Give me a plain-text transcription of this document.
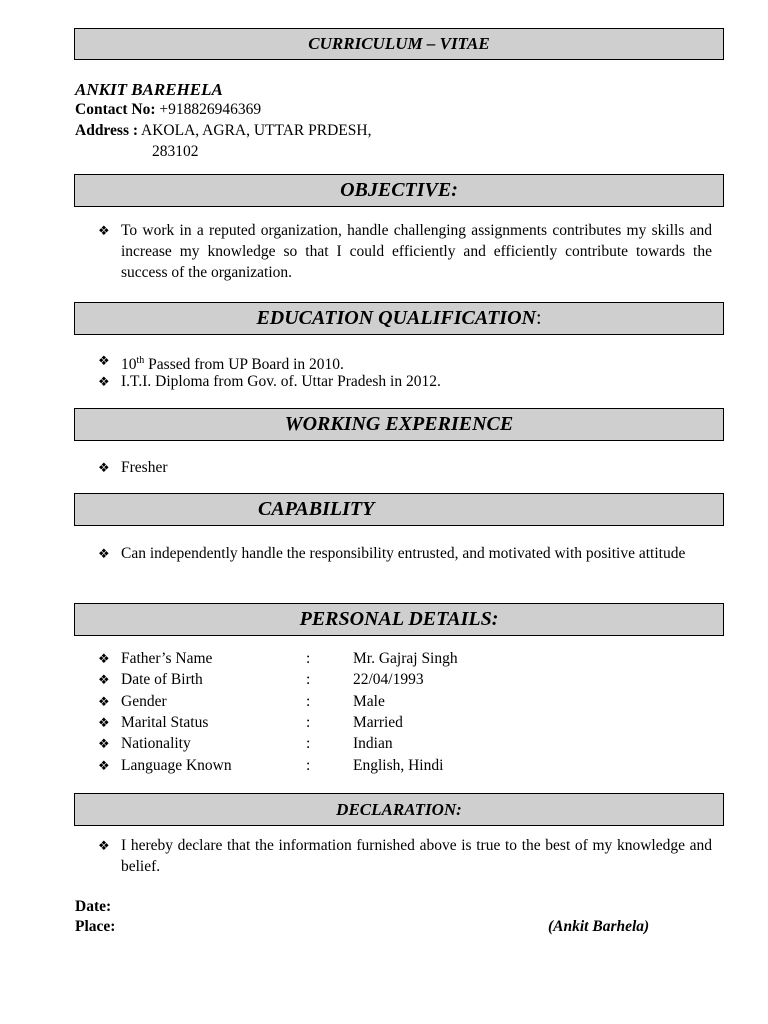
CURRICULUM – VITAE
ANKIT BAREHELA
Contact No: +918826946369
Address : AKOLA, AGRA, UTTAR PRDESH,
283102
OBJECTIVE:
❖ To work in a reputed organization, handle challenging assignments contributes my skills and increase my knowledge so that I could efficiently and efficiently contribute towards the success of the organization.
EDUCATION QUALIFICATION:
❖ 10th Passed from UP Board in 2010.
❖ I.T.I. Diploma from Gov. of. Uttar Pradesh in 2012.
WORKING EXPERIENCE
❖ Fresher
CAPABILITY
❖ Can independently handle the responsibility entrusted, and motivated with positive attitude
PERSONAL DETAILS:
❖ Father’s Name	:	Mr. Gajraj Singh
❖ Date of Birth	:	22/04/1993
❖ Gender	:	Male
❖ Marital Status	:	Married
❖ Nationality	:	Indian
❖ Language Known	:	English, Hindi
DECLARATION:
❖ I hereby declare that the information furnished above is true to the best of my knowledge and belief.
Date:
Place:	(Ankit Barhela)
